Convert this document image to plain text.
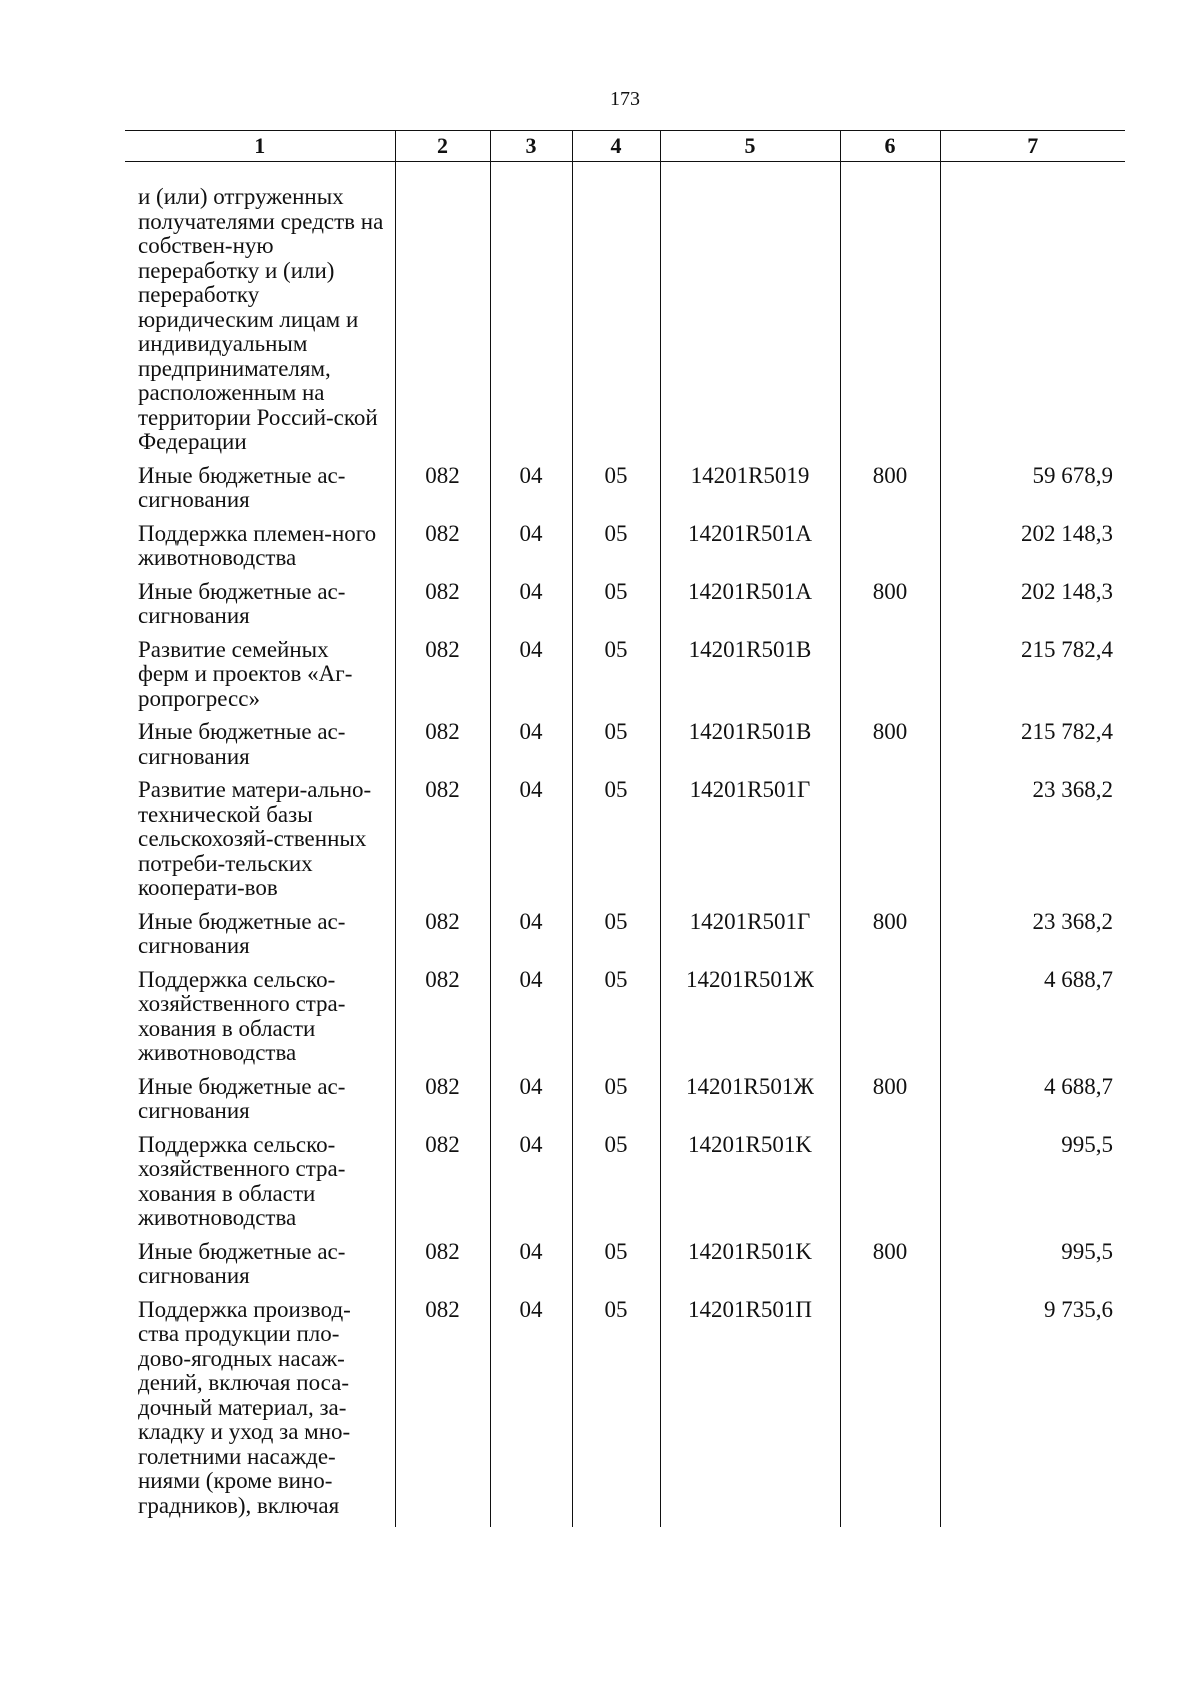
173
1	2	3	4	5	6	7
и (или) отгруженных получателями средств на собствен-ную переработку и (или) переработку юридическим лицам и индивидуальным предпринимателям, расположенным на территории Россий-ской Федерации						
Иные бюджетные ас-сигнования	082	04	05	14201R5019	800	59 678,9
Поддержка племен-ного животноводства	082	04	05	14201R501A		202 148,3
Иные бюджетные ас-сигнования	082	04	05	14201R501A	800	202 148,3
Развитие семейных ферм и проектов «Аг-ропрогресс»	082	04	05	14201R501B		215 782,4
Иные бюджетные ас-сигнования	082	04	05	14201R501B	800	215 782,4
Развитие матери-ально-технической базы сельскохозяй-ственных потреби-тельских кооперати-вов	082	04	05	14201R501Г		23 368,2
Иные бюджетные ас-сигнования	082	04	05	14201R501Г	800	23 368,2
Поддержка сельско-хозяйственного стра-хования в области животноводства	082	04	05	14201R501Ж		4 688,7
Иные бюджетные ас-сигнования	082	04	05	14201R501Ж	800	4 688,7
Поддержка сельско-хозяйственного стра-хования в области животноводства	082	04	05	14201R501K		995,5
Иные бюджетные ас-сигнования	082	04	05	14201R501K	800	995,5
Поддержка производ-ства продукции пло-дово-ягодных насаж-дений, включая поса-дочный материал, за-кладку и уход за мно-голетними насажде-ниями (кроме вино-градников), включая	082	04	05	14201R501П		9 735,6
